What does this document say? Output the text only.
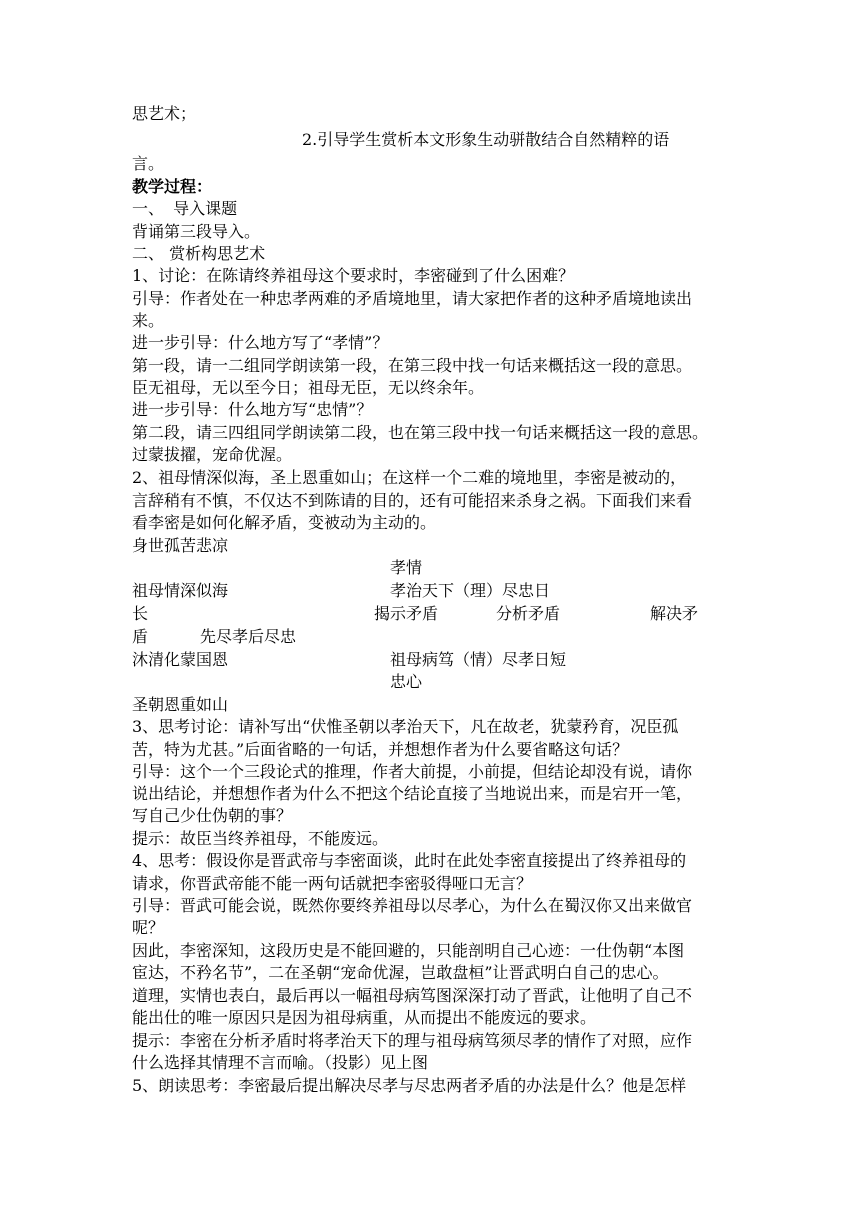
思艺术；
2.引导学生赏析本文形象生动骈散结合自然精粹的语
言。
教学过程：
一、 导入课题
背诵第三段导入。
二、 赏析构思艺术
1、讨论：在陈请终养祖母这个要求时，李密碰到了什么困难？
引导：作者处在一种忠孝两难的矛盾境地里，请大家把作者的这种矛盾境地读出
来。
进一步引导：什么地方写了“孝情”？
第一段，请一二组同学朗读第一段，在第三段中找一句话来概括这一段的意思。
臣无祖母，无以至今日；祖母无臣，无以终余年。
进一步引导：什么地方写“忠情”？
第二段，请三四组同学朗读第二段，也在第三段中找一句话来概括这一段的意思。
过蒙拔擢，宠命优渥。
2、祖母情深似海，圣上恩重如山；在这样一个二难的境地里，李密是被动的，
言辞稍有不慎，不仅达不到陈请的目的，还有可能招来杀身之祸。下面我们来看
看李密是如何化解矛盾，变被动为主动的。
身世孤苦悲凉
孝情
祖母情深似海	孝治天下（理）尽忠日
长	揭示矛盾	分析矛盾	解决矛
盾	先尽孝后尽忠
沐清化蒙国恩	祖母病笃（情）尽孝日短
忠心
圣朝恩重如山
3、思考讨论：请补写出“伏惟圣朝以孝治天下，凡在故老，犹蒙矜育，况臣孤
苦，特为尤甚。”后面省略的一句话，并想想作者为什么要省略这句话？
引导：这个一个三段论式的推理，作者大前提，小前提，但结论却没有说，请你
说出结论，并想想作者为什么不把这个结论直接了当地说出来，而是宕开一笔，
写自己少仕伪朝的事？
提示：故臣当终养祖母，不能废远。
4、思考：假设你是晋武帝与李密面谈，此时在此处李密直接提出了终养祖母的
请求，你晋武帝能不能一两句话就把李密驳得哑口无言？
引导：晋武可能会说，既然你要终养祖母以尽孝心，为什么在蜀汉你又出来做官
呢？
因此，李密深知，这段历史是不能回避的，只能剖明自己心迹：一仕伪朝“本图
宦达，不矜名节”，二在圣朝“宠命优渥，岂敢盘桓”让晋武明白自己的忠心。
道理，实情也表白，最后再以一幅祖母病笃图深深打动了晋武，让他明了自己不
能出仕的唯一原因只是因为祖母病重，从而提出不能废远的要求。
提示：李密在分析矛盾时将孝治天下的理与祖母病笃须尽孝的情作了对照，应作
什么选择其情理不言而喻。（投影）见上图
5、朗读思考：李密最后提出解决尽孝与尽忠两者矛盾的办法是什么？他是怎样
